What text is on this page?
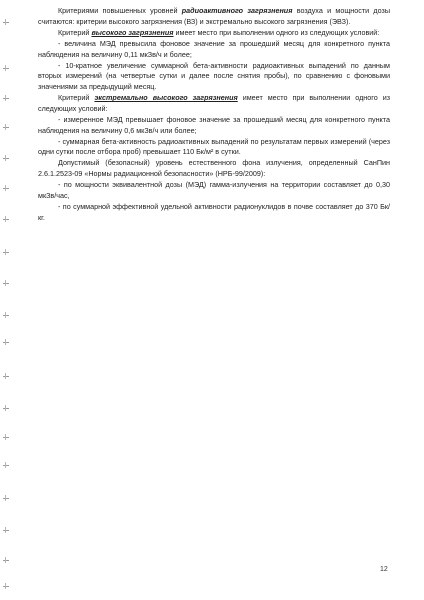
Критериями повышенных уровней радиоактивного загрязнения воздуха и мощности дозы считаются: критерии высокого загрязнения (ВЗ) и экстремально высокого загрязнения (ЭВЗ).

Критерий высокого загрязнения имеет место при выполнении одного из следующих условий:

- величина МЭД превысила фоновое значение за прошедший месяц для конкретного пункта наблюдения на величину 0,11 мкЗв/ч и более;

- 10-кратное увеличение суммарной бета-активности радиоактивных выпадений по данным вторых измерений (на четвертые сутки и далее после снятия пробы), по сравнению с фоновыми значениями за предыдущий месяц.

Критерий экстремально высокого загрязнения имеет место при выполнении одного из следующих условий:

- измеренное МЭД превышает фоновое значение за прошедший месяц для конкретного пункта наблюдения на величину 0,6 мкЗв/ч или более;

- суммарная бета-активность радиоактивных выпадений по результатам первых измерений (через одни сутки после отбора проб) превышает 110 Бк/м² в сутки.

Допустимый (безопасный) уровень естественного фона излучения, определенный СанПин 2.6.1.2523-09 «Нормы радиационной безопасности» (НРБ-99/2009):

- по мощности эквивалентной дозы (МЭД) гамма-излучения на территории составляет до 0,30 мкЗв/час,

- по суммарной эффективной удельной активности радионуклидов в почве составляет до 370 Бк/кг.

12
